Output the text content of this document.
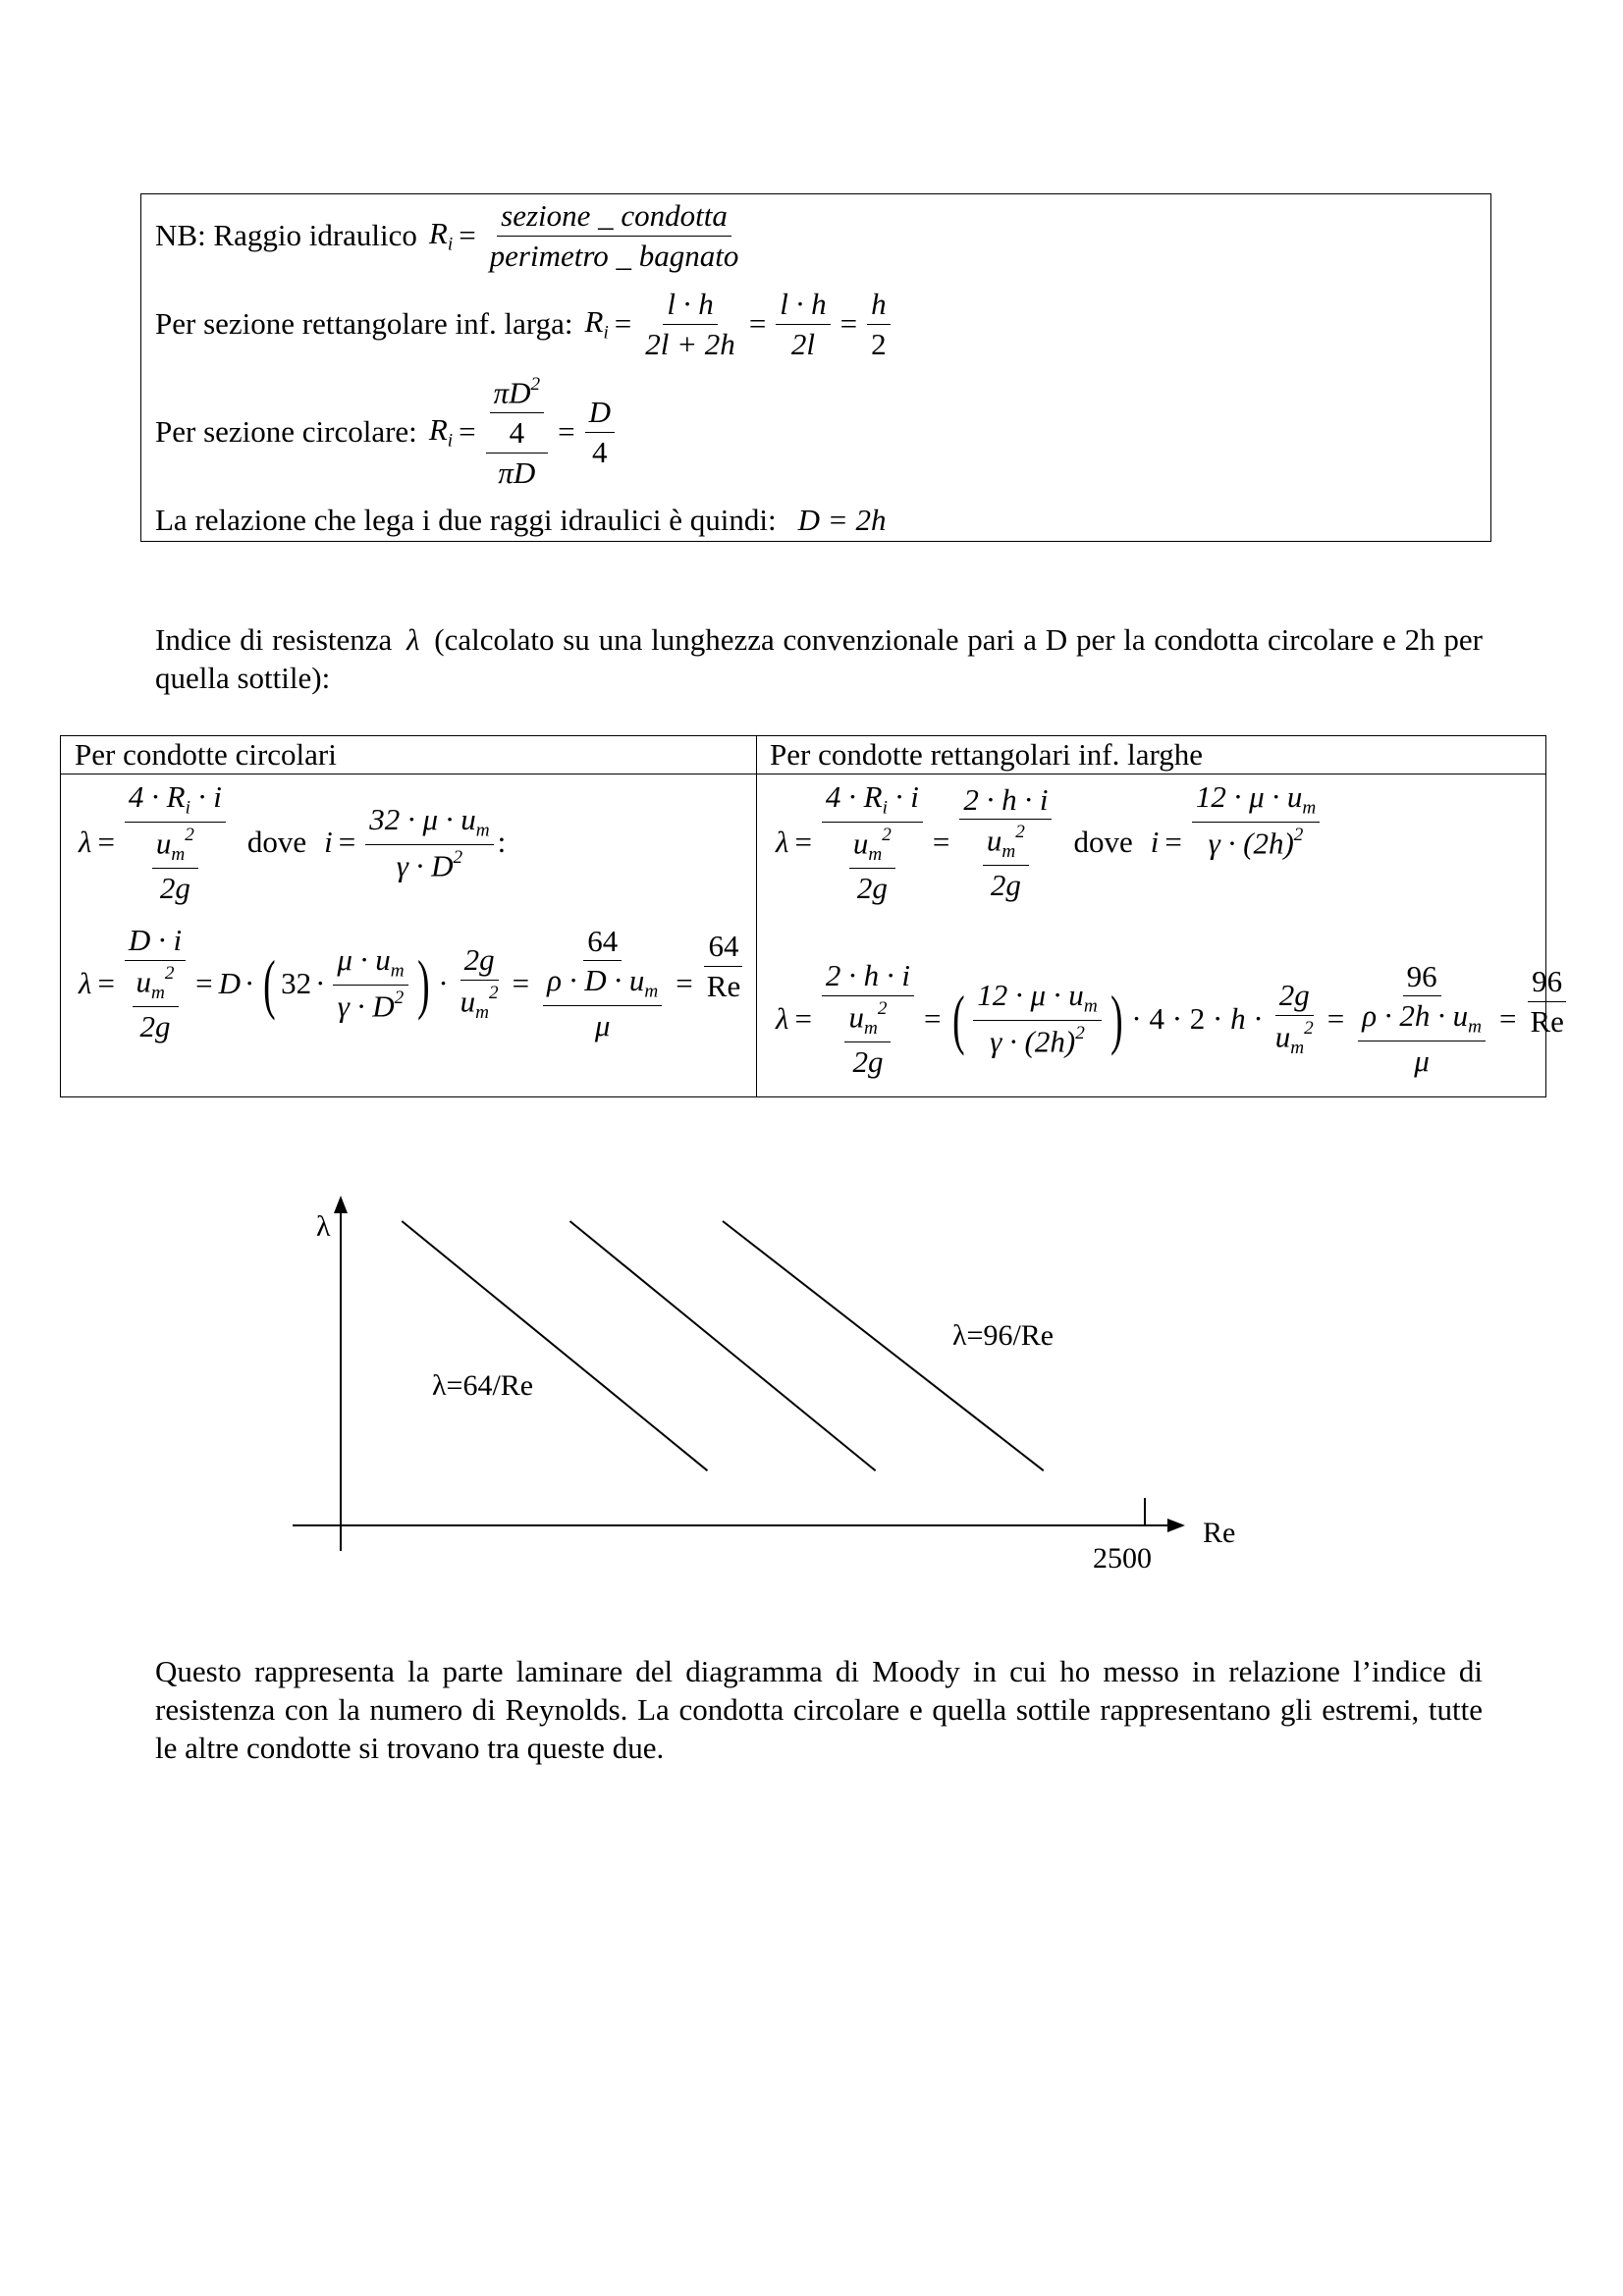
NB: Raggio idraulico $R_i = \frac{\text{sezione \_ condotta}}{\text{perimetro \_ bagnato}}$
Per sezione rettangolare inf. larga: $R_i = \frac{l \cdot h}{2l + 2h} = \frac{l \cdot h}{2l} = \frac{h}{2}$
Per sezione circolare: $R_i = \frac{\frac{\pi D^2}{4}}{\pi D} = \frac{D}{4}$
La relazione che lega i due raggi idraulici è quindi: D = 2h
Indice di resistenza λ (calcolato su una lunghezza convenzionale pari a D per la condotta circolare e 2h per quella sottile):
Per condotte circolari	Per condotte rettangolari inf. larghe
$\lambda = \frac{4 \cdot R_i \cdot i}{\frac{u_m^2}{2g}}$ dove $i = \frac{32 \cdot \mu \cdot u_m}{\gamma \cdot D^2}$ :
$\lambda = \frac{D \cdot i}{\frac{u_m^2}{2g}} = D$ · ( $32 \cdot \frac{\mu \cdot u_m}{\gamma \cdot D^2}$ ) · $\frac{2g}{u_m^2} = \frac{64}{\frac{\rho \cdot D \cdot u_m}{\mu}} = \frac{64}{Re}$
$\lambda = \frac{4 \cdot R_i \cdot i}{\frac{u_m^2}{2g}} = \frac{2 \cdot h \cdot i}{\frac{u_m^2}{2g}}$ dove $i = \frac{12 \cdot \mu \cdot u_m}{\gamma \cdot (2h)^2}$
$\lambda = \frac{2 \cdot h \cdot i}{\frac{u_m^2}{2g}}$ = ( $\frac{12 \cdot \mu \cdot u_m}{\gamma \cdot (2h)^2}$ ) · $4 \cdot 2 \cdot h \cdot \frac{2g}{u_m^2} = \frac{96}{\frac{\rho \cdot 2h \cdot u_m}{\mu}} = \frac{96}{Re}$
λ
Re
2500
λ=64/Re
λ=96/Re
Questo rappresenta la parte laminare del diagramma di Moody in cui ho messo in relazione l’indice di resistenza con la numero di Reynolds. La condotta circolare e quella sottile rappresentano gli estremi, tutte le altre condotte si trovano tra queste due.
